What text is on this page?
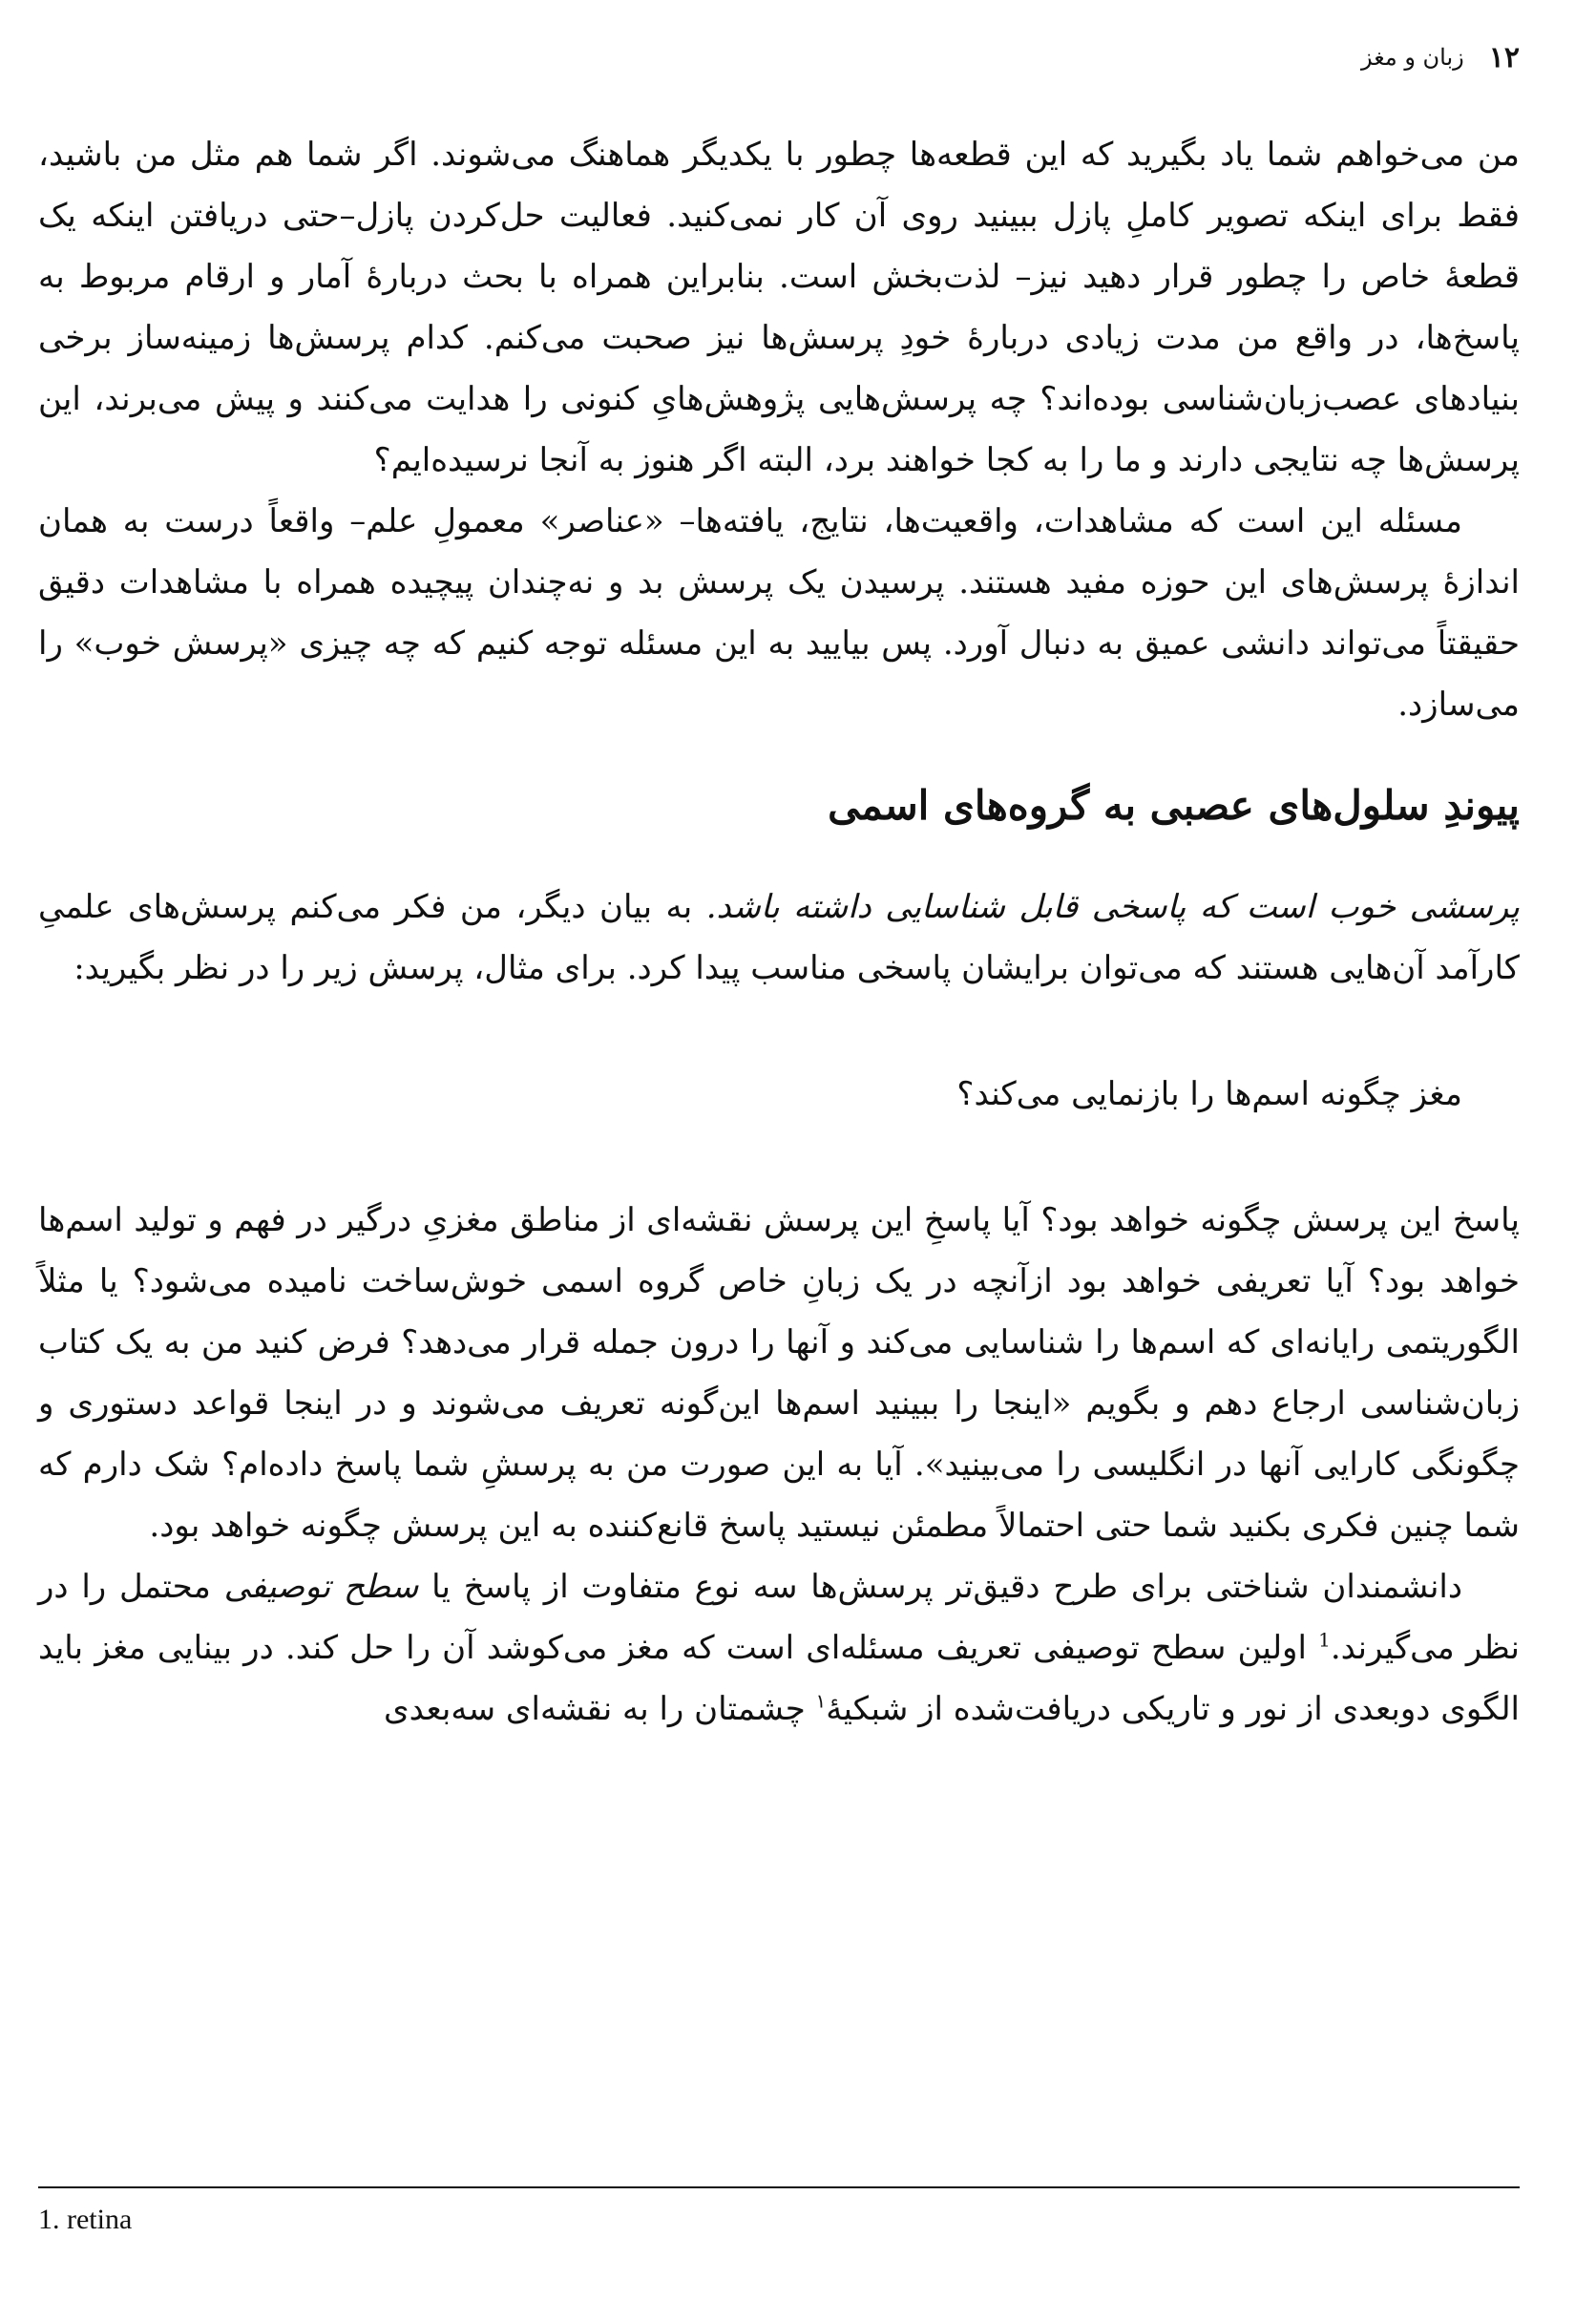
۱۲
زبان و مغز

من می‌خواهم شما یاد بگیرید که این قطعه‌ها چطور با یکدیگر هماهنگ می‌شوند. اگر شما هم مثل من باشید، فقط برای اینکه تصویر کاملِ پازل ببینید روی آن کار نمی‌کنید. فعالیت حل‌کردن پازل–حتی دریافتن اینکه یک قطعهٔ خاص را چطور قرار دهید نیز– لذت‌بخش است. بنابراین همراه با بحث دربارهٔ آمار و ارقام مربوط به پاسخ‌ها، در واقع من مدت زیادی دربارهٔ خودِ پرسش‌ها نیز صحبت می‌کنم. کدام پرسش‌ها زمینه‌ساز برخی بنیادهای عصب‌زبان‌شناسی بوده‌اند؟ چه پرسش‌هایی پژوهش‌هایِ کنونی را هدایت می‌کنند و پیش می‌برند، این پرسش‌ها چه نتایجی دارند و ما را به کجا خواهند برد، البته اگر هنوز به آنجا نرسیده‌ایم؟

مسئله این است که مشاهدات، واقعیت‌ها، نتایج، یافته‌ها– «عناصر» معمولِ علم– واقعاً درست به همان اندازهٔ پرسش‌های این حوزه مفید هستند. پرسیدن یک پرسش بد و نه‌چندان پیچیده همراه با مشاهدات دقیق حقیقتاً می‌تواند دانشی عمیق به دنبال آورد. پس بیایید به این مسئله توجه کنیم که چه چیزی «پرسش خوب» را می‌سازد.

پیوندِ سلول‌های عصبی به گروه‌های اسمی

پرسشی خوب است که پاسخی قابل شناسایی داشته باشد. به بیان دیگر، من فکر می‌کنم پرسش‌های علمیِ کارآمد آن‌هایی هستند که می‌توان برایشان پاسخی مناسب پیدا کرد. برای مثال، پرسش زیر را در نظر بگیرید:

مغز چگونه اسم‌ها را بازنمایی می‌کند؟

پاسخ این پرسش چگونه خواهد بود؟ آیا پاسخِ این پرسش نقشه‌ای از مناطق مغزیِ درگیر در فهم و تولید اسم‌ها خواهد بود؟ آیا تعریفی خواهد بود ازآنچه در یک زبانِ خاص گروه اسمی خوش‌ساخت نامیده می‌شود؟ یا مثلاً الگوریتمی رایانه‌ای که اسم‌ها را شناسایی می‌کند و آنها را درون جمله قرار می‌دهد؟ فرض کنید من به یک کتاب زبان‌شناسی ارجاع دهم و بگویم «اینجا را ببینید اسم‌ها این‌گونه تعریف می‌شوند و در اینجا قواعد دستوری و چگونگی کارایی آنها در انگلیسی را می‌بینید». آیا به این صورت من به پرسشِ شما پاسخ داده‌ام؟ شک دارم که شما چنین فکری بکنید شما حتی احتمالاً مطمئن نیستید پاسخ قانع‌کننده به این پرسش چگونه خواهد بود.

دانشمندان شناختی برای طرح دقیق‌تر پرسش‌ها سه نوع متفاوت از پاسخ یا سطح توصیفی محتمل را در نظر می‌گیرند.$^1$ اولین سطح توصیفی تعریف مسئله‌ای است که مغز می‌کوشد آن را حل کند. در بینایی مغز باید الگوی دوبعدی از نور و تاریکی دریافت‌شده از شبکیهٔ$^۱$ چشمتان را به نقشه‌ای سه‌بعدی

1. retina
